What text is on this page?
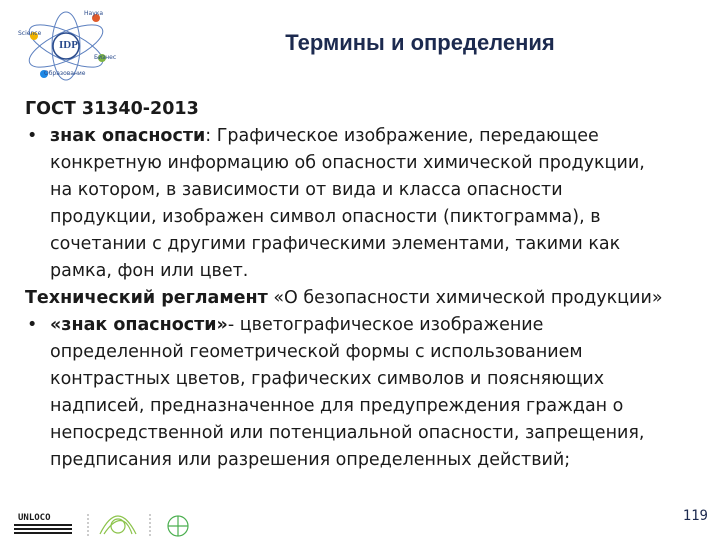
IDP
Наука
Science
Бизнес
Образование
Термины и определения
ГОСТ 31340-2013
• знак опасности: Графическое изображение, передающее
конкретную информацию об опасности химической продукции,
на котором, в зависимости от вида и класса опасности
продукции, изображен символ опасности (пиктограмма), в
сочетании с другими графическими элементами, такими как
рамка, фон или цвет.
Технический регламент «О безопасности химической продукции»
• «знак опасности»- цветографическое изображение
определенной геометрической формы с использованием
контрастных цветов, графических символов и поясняющих
надписей, предназначенное для предупреждения граждан о
непосредственной или потенциальной опасности, запрещения,
предписания или разрешения определенных действий;
UNLOCO	119
